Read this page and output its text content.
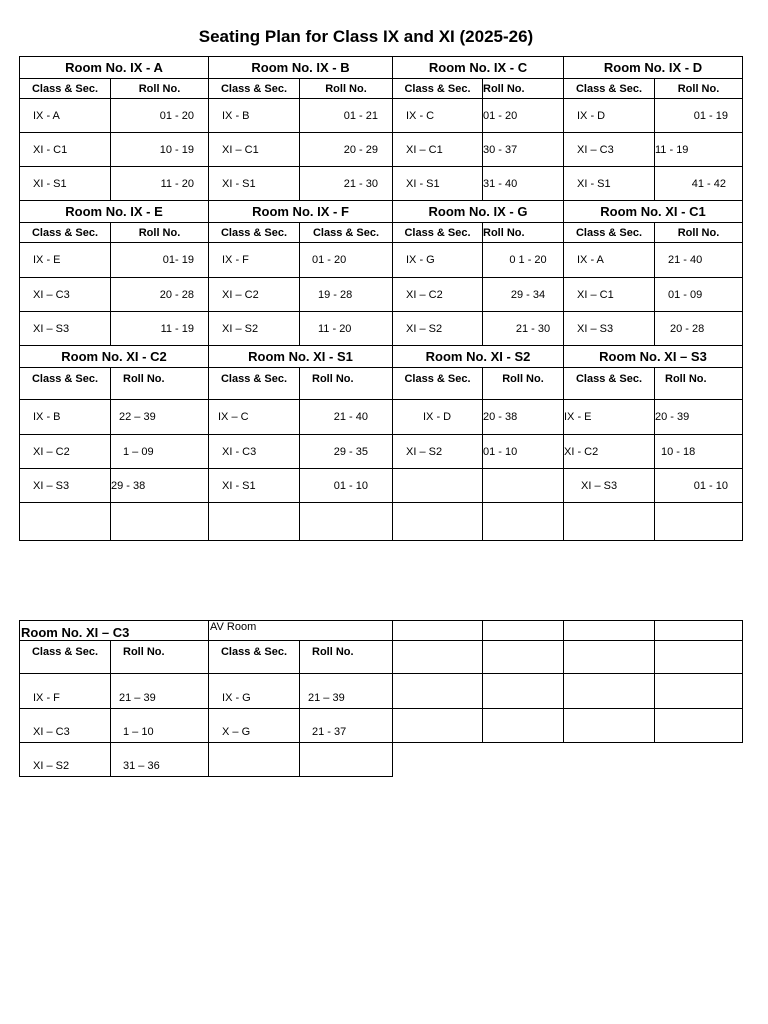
Seating Plan for Class IX and XI (2025-26)
Room No. IX - A		Room No. IX - B		Room No. IX - C		Room No. IX - D	
Class & Sec.	Roll No.	Class & Sec.	Roll No.	Class & Sec.	Roll No.	Class & Sec.	Roll No.
IX - A	01 - 20	IX - B	01 - 21	IX - C	01 - 20	IX - D	01 - 19
XI - C1	10 - 19	XI – C1	20 - 29	XI – C1	30 - 37	XI – C3	11 - 19
XI - S1	11 - 20	XI - S1	21 - 30	XI - S1	31 - 40	XI - S1	41 - 42
Room No. IX - E		Room No. IX - F		Room No. IX - G		Room No. XI - C1	
Class & Sec.	Roll No.	Class & Sec.	Class & Sec.	Class & Sec.	Roll No.	Class & Sec.	Roll No.
IX - E	01- 19	IX - F	01 - 20	IX - G	0 1 - 20	IX - A	21 - 40
XI – C3	20 - 28	XI – C2	19 - 28	XI – C2	29 - 34	XI – C1	01 - 09
XI – S3	11 - 19	XI – S2	11 - 20	XI – S2	21 - 30	XI – S3	20 - 28
Room No. XI - C2		Room No. XI - S1		Room No. XI - S2		Room No. XI – S3	
Class & Sec.	Roll No.	Class & Sec.	Roll No.	Class & Sec.	Roll No.	Class & Sec.	Roll No.
IX - B	22 – 39	IX – C	21 - 40	IX - D	20 - 38	IX - E	20 - 39
XI – C2	1 – 09	XI - C3	29 - 35	XI – S2	01 - 10	XI - C2	10 - 18
XI – S3	29 - 38	XI - S1	01 - 10			XI – S3	01 - 10

Room No. XI – C3		AV Room					
Class & Sec.	Roll No.	Class & Sec.	Roll No.				
IX - F	21 – 39	IX - G	21 – 39				
XI – C3	1 – 10	X – G	21 - 37				
XI – S2	31 – 36						
